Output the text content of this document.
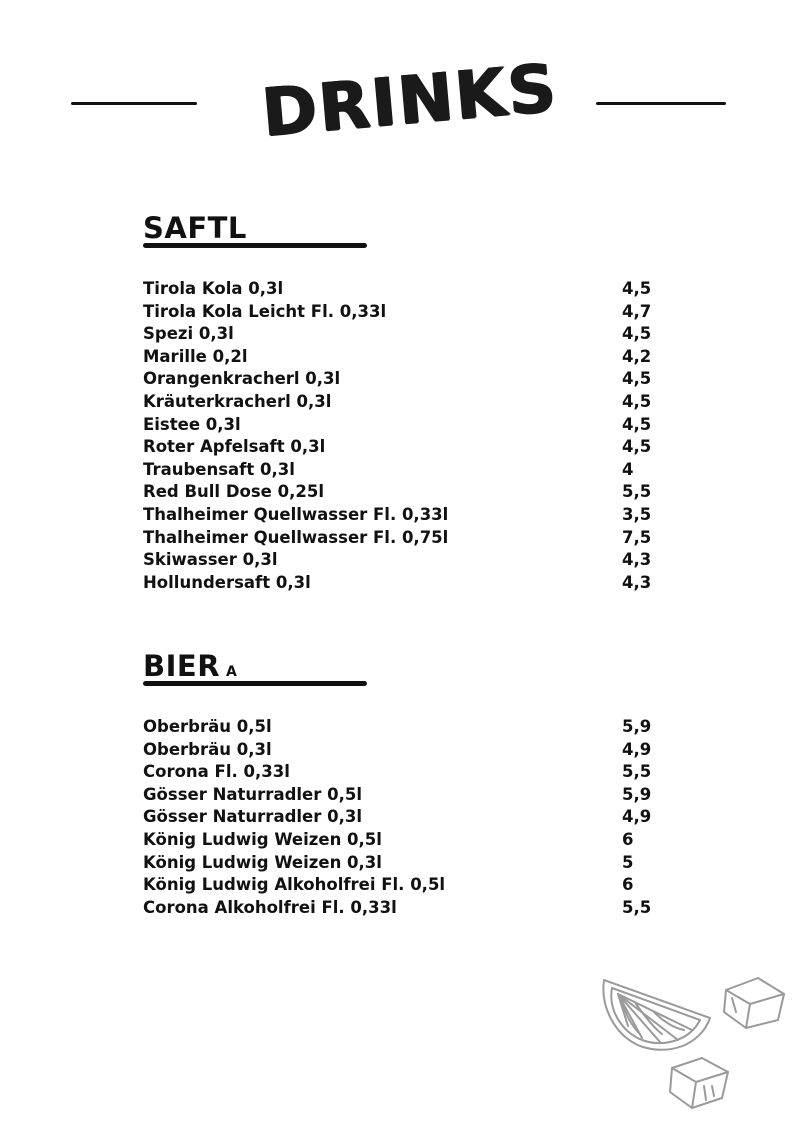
DRINKS
SAFTL
Tirola Kola 0,3l	4,5
Tirola Kola Leicht Fl. 0,33l	4,7
Spezi 0,3l	4,5
Marille 0,2l	4,2
Orangenkracherl 0,3l	4,5
Kräuterkracherl 0,3l	4,5
Eistee 0,3l	4,5
Roter Apfelsaft 0,3l	4,5
Traubensaft 0,3l	4
Red Bull Dose 0,25l	5,5
Thalheimer Quellwasser Fl. 0,33l	3,5
Thalheimer Quellwasser Fl. 0,75l	7,5
Skiwasser 0,3l	4,3
Hollundersaft 0,3l	4,3
BIER A
Oberbräu 0,5l	5,9
Oberbräu 0,3l	4,9
Corona Fl. 0,33l	5,5
Gösser Naturradler 0,5l	5,9
Gösser Naturradler 0,3l	4,9
König Ludwig Weizen 0,5l	6
König Ludwig Weizen 0,3l	5
König Ludwig Alkoholfrei Fl. 0,5l	6
Corona Alkoholfrei Fl. 0,33l	5,5
